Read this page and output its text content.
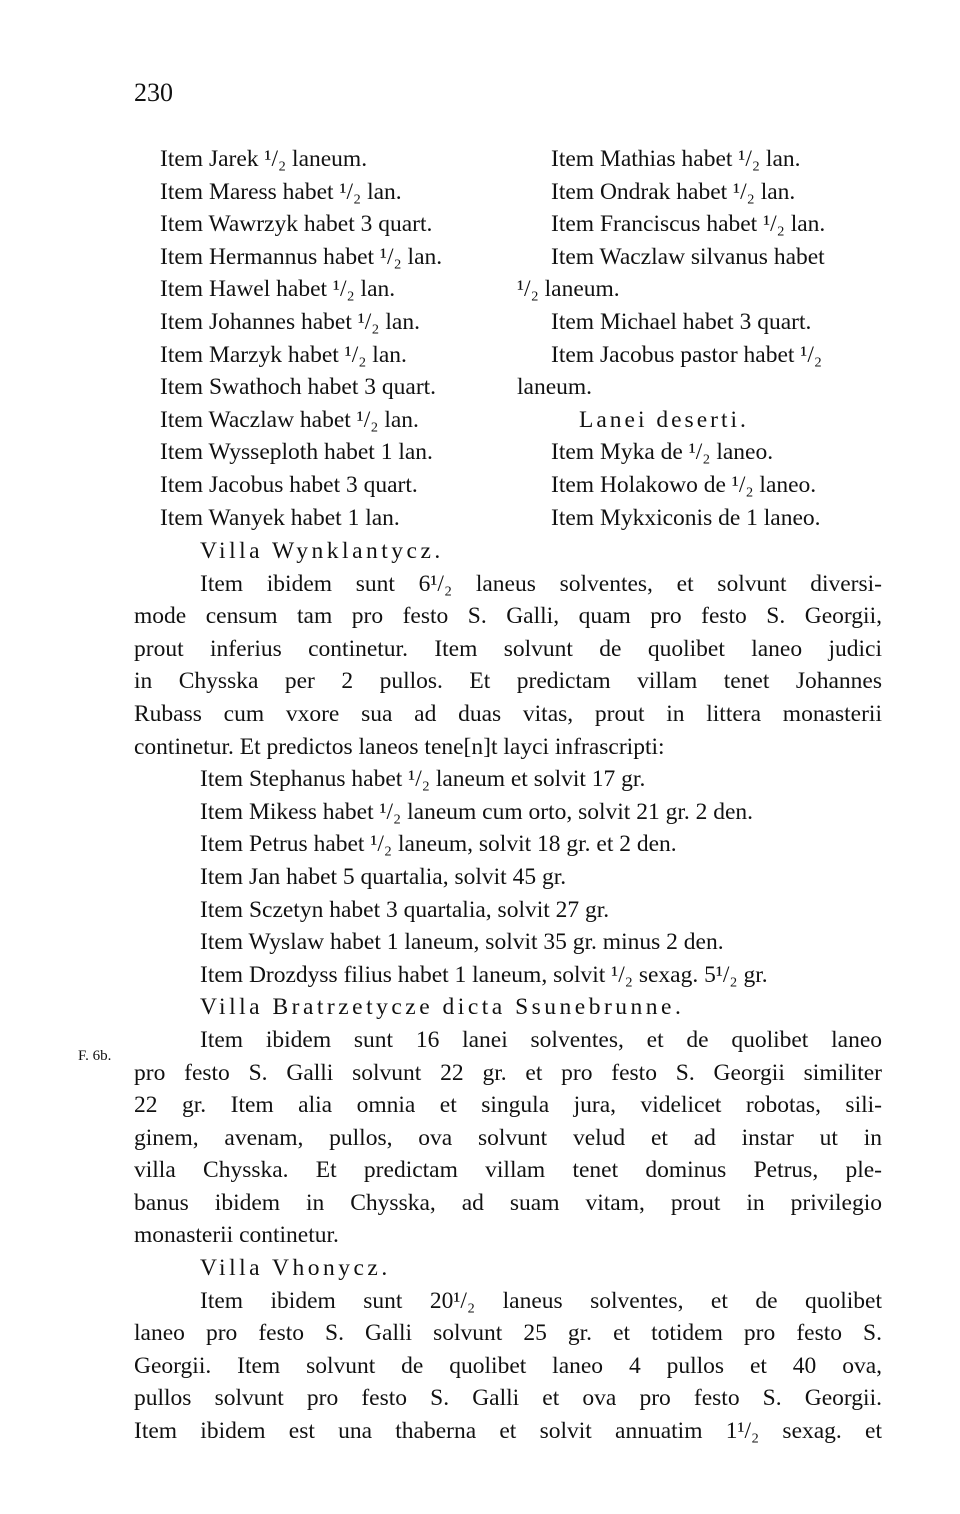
230
Item Jarek ¹/₂ laneum.
Item Maress habet ¹/₂ lan.
Item Wawrzyk habet 3 quart.
Item Hermannus habet ¹/₂ lan.
Item Hawel habet ¹/₂ lan.
Item Johannes habet ¹/₂ lan.
Item Marzyk habet ¹/₂ lan.
Item Swathoch habet 3 quart.
Item Waczlaw habet ¹/₂ lan.
Item Wysseploth habet 1 lan.
Item Jacobus habet 3 quart.
Item Wanyek habet 1 lan.
Item Mathias habet ¹/₂ lan.
Item Ondrak habet ¹/₂ lan.
Item Franciscus habet ¹/₂ lan.
Item Waczlaw silvanus habet
¹/₂ laneum.
Item Michael habet 3 quart.
Item Jacobus pastor habet ¹/₂
laneum.
Lanei deserti.
Item Myka de ¹/₂ laneo.
Item Holakowo de ¹/₂ laneo.
Item Mykxiconis de 1 laneo.
Villa Wynklantycz.
Item ibidem sunt 6¹/₂ laneus solventes, et solvunt diversi-
mode censum tam pro festo S. Galli, quam pro festo S. Georgii,
prout inferius continetur. Item solvunt de quolibet laneo judici
in Chysska per 2 pullos. Et predictam villam tenet Johannes
Rubass cum vxore sua ad duas vitas, prout in littera monasterii
continetur. Et predictos laneos tene[n]t layci infrascripti:
Item Stephanus habet ¹/₂ laneum et solvit 17 gr.
Item Mikess habet ¹/₂ laneum cum orto, solvit 21 gr. 2 den.
Item Petrus habet ¹/₂ laneum, solvit 18 gr. et 2 den.
Item Jan habet 5 quartalia, solvit 45 gr.
Item Sczetyn habet 3 quartalia, solvit 27 gr.
Item Wyslaw habet 1 laneum, solvit 35 gr. minus 2 den.
Item Drozdyss filius habet 1 laneum, solvit ¹/₂ sexag. 5¹/₂ gr.
Villa Bratrzetycze dicta Ssunebrunne.
Item ibidem sunt 16 lanei solventes, et de quolibet laneo
pro festo S. Galli solvunt 22 gr. et pro festo S. Georgii similiter
22 gr. Item alia omnia et singula jura, videlicet robotas, sili-
ginem, avenam, pullos, ova solvunt velud et ad instar ut in
villa Chysska. Et predictam villam tenet dominus Petrus, ple-
banus ibidem in Chysska, ad suam vitam, prout in privilegio
monasterii continetur.
Villa Vhonycz.
Item ibidem sunt 20¹/₂ laneus solventes, et de quolibet
laneo pro festo S. Galli solvunt 25 gr. et totidem pro festo S.
Georgii. Item solvunt de quolibet laneo 4 pullos et 40 ova,
pullos solvunt pro festo S. Galli et ova pro festo S. Georgii.
Item ibidem est una thaberna et solvit annuatim 1¹/₂ sexag. et
F. 6b.
